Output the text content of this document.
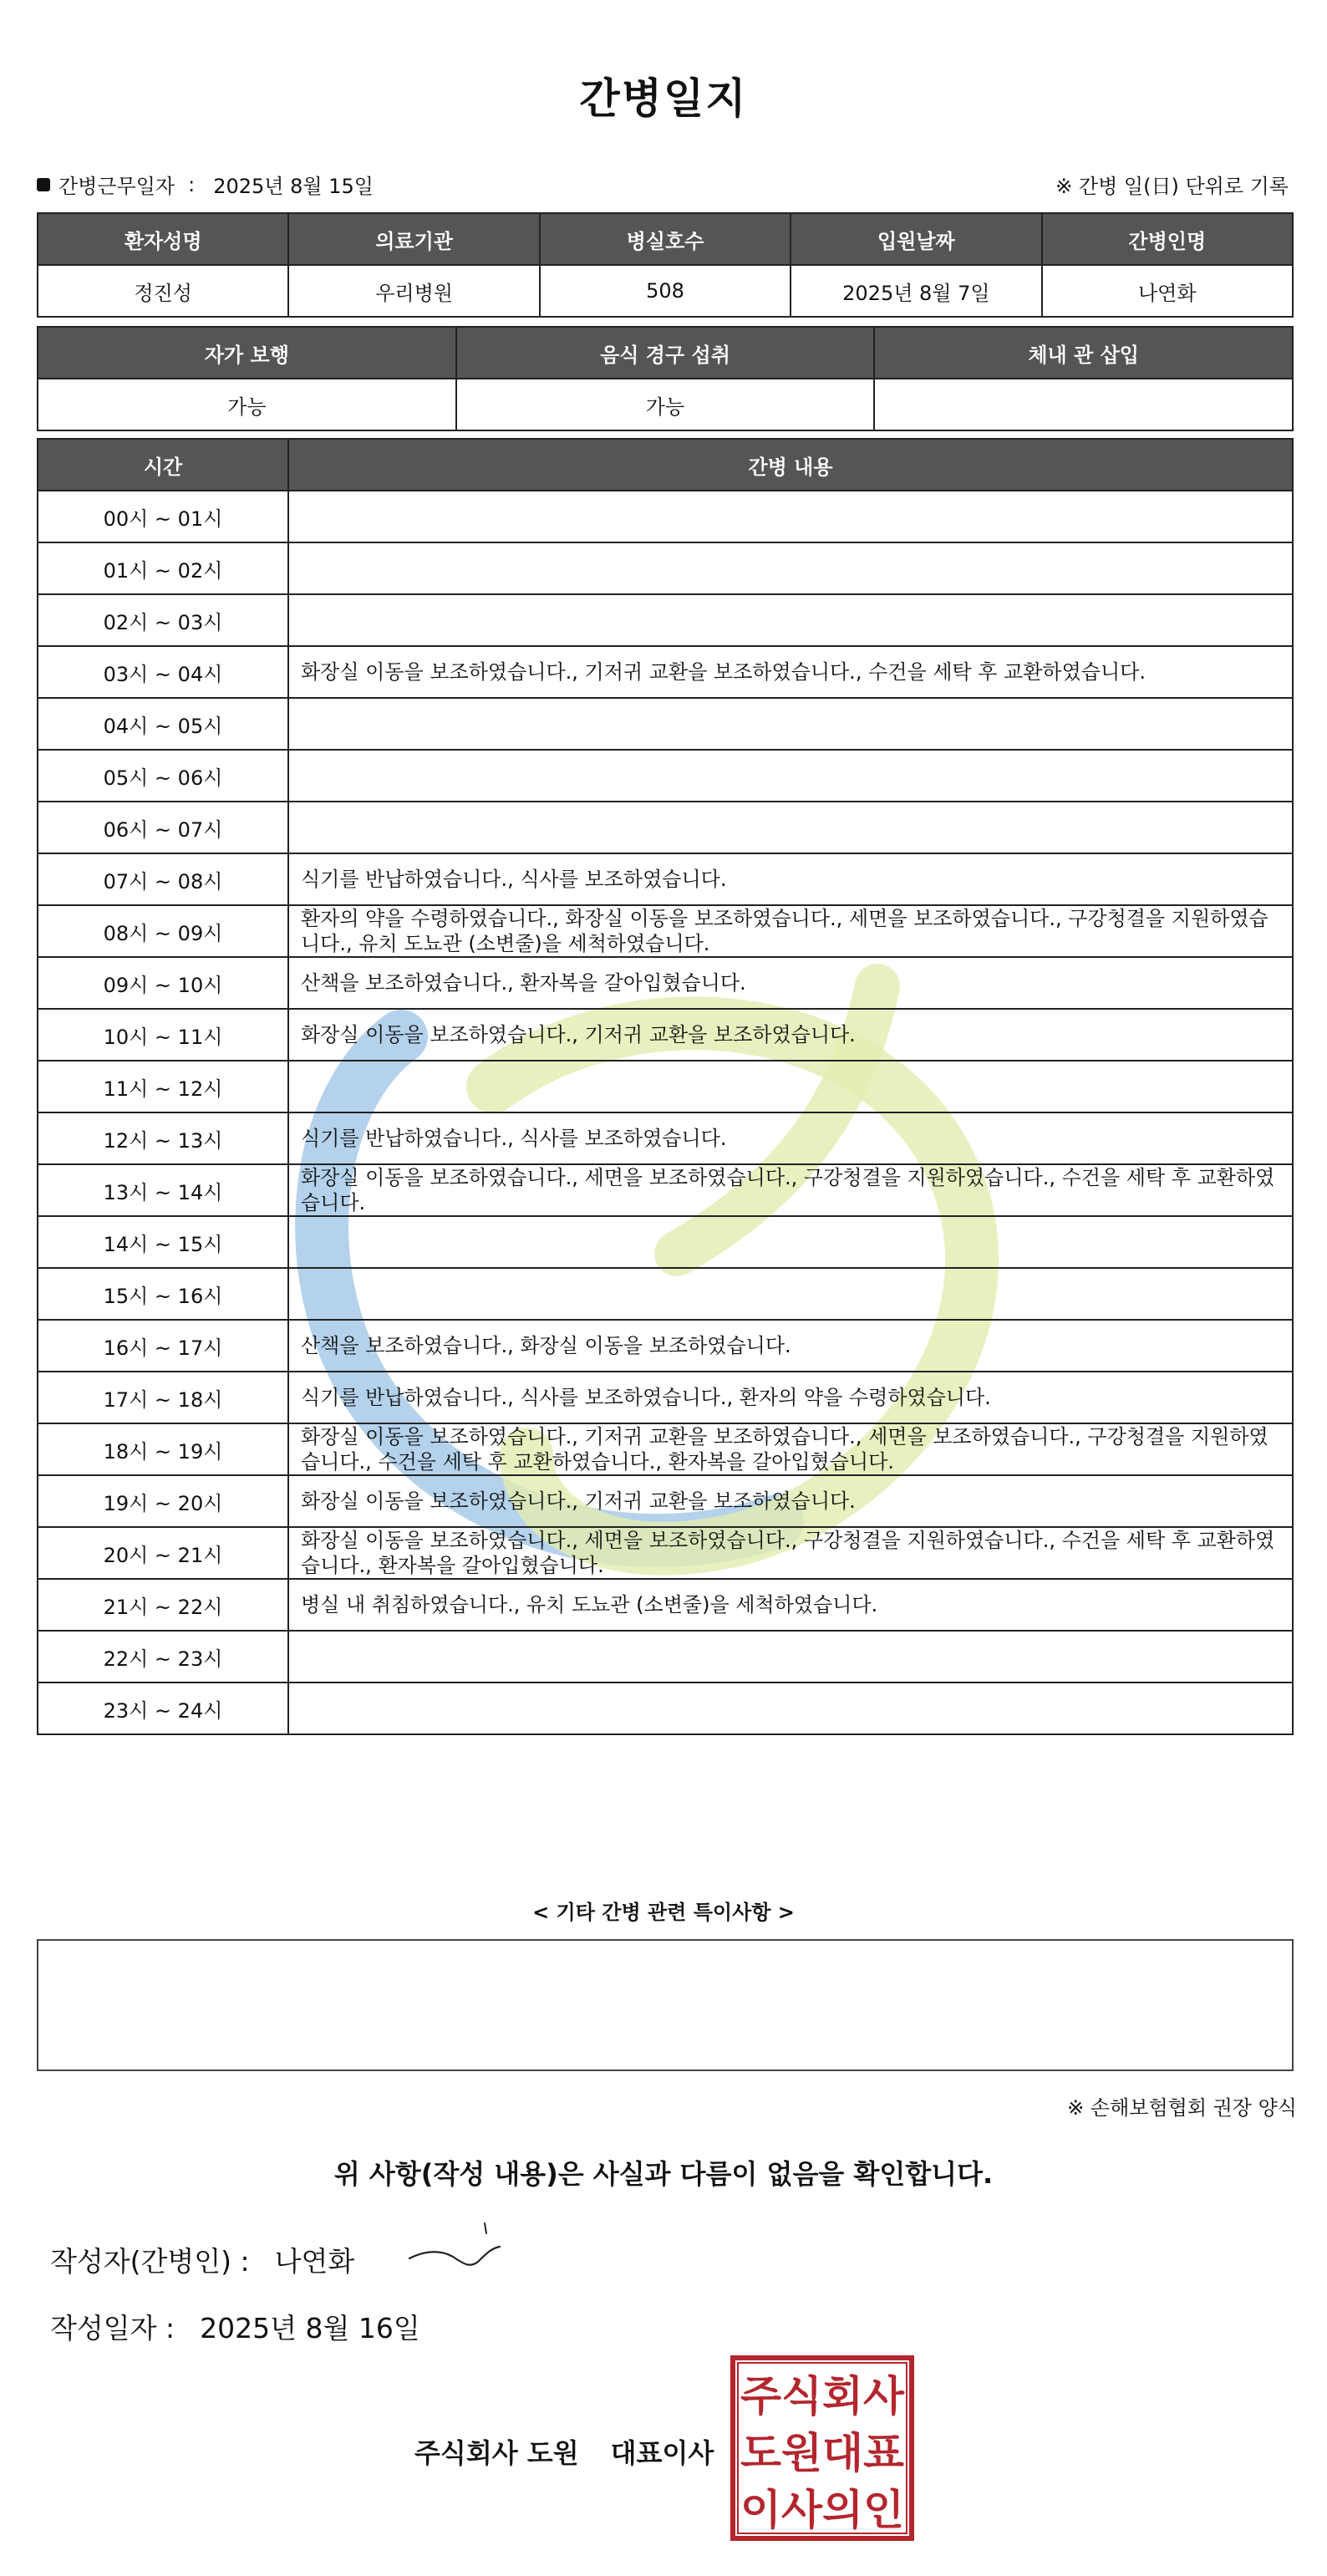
간병일지
간병근무일자 : 2025년 8월 15일	※ 간병 일(日) 단위로 기록
환자성명	의료기관	병실호수	입원날짜	간병인명
정진성	우리병원	508	2025년 8월 7일	나연화
자가 보행	음식 경구 섭취	체내 관 삽입
가능	가능	
시간	간병 내용
00시 ~ 01시	
01시 ~ 02시	
02시 ~ 03시	
03시 ~ 04시	화장실 이동을 보조하였습니다., 기저귀 교환을 보조하였습니다., 수건을 세탁 후 교환하였습니다.
04시 ~ 05시	
05시 ~ 06시	
06시 ~ 07시	
07시 ~ 08시	식기를 반납하였습니다., 식사를 보조하였습니다.
08시 ~ 09시	환자의 약을 수령하였습니다., 화장실 이동을 보조하였습니다., 세면을 보조하였습니다., 구강청결을 지원하였습니다., 유치 도뇨관 (소변줄)을 세척하였습니다.
09시 ~ 10시	산책을 보조하였습니다., 환자복을 갈아입혔습니다.
10시 ~ 11시	화장실 이동을 보조하였습니다., 기저귀 교환을 보조하였습니다.
11시 ~ 12시	
12시 ~ 13시	식기를 반납하였습니다., 식사를 보조하였습니다.
13시 ~ 14시	화장실 이동을 보조하였습니다., 세면을 보조하였습니다., 구강청결을 지원하였습니다., 수건을 세탁 후 교환하였습니다.
14시 ~ 15시	
15시 ~ 16시	
16시 ~ 17시	산책을 보조하였습니다., 화장실 이동을 보조하였습니다.
17시 ~ 18시	식기를 반납하였습니다., 식사를 보조하였습니다., 환자의 약을 수령하였습니다.
18시 ~ 19시	화장실 이동을 보조하였습니다., 기저귀 교환을 보조하였습니다., 세면을 보조하였습니다., 구강청결을 지원하였습니다., 수건을 세탁 후 교환하였습니다., 환자복을 갈아입혔습니다.
19시 ~ 20시	화장실 이동을 보조하였습니다., 기저귀 교환을 보조하였습니다.
20시 ~ 21시	화장실 이동을 보조하였습니다., 세면을 보조하였습니다., 구강청결을 지원하였습니다., 수건을 세탁 후 교환하였습니다., 환자복을 갈아입혔습니다.
21시 ~ 22시	병실 내 취침하였습니다., 유치 도뇨관 (소변줄)을 세척하였습니다.
22시 ~ 23시	
23시 ~ 24시	
< 기타 간병 관련 특이사항 >
※ 손해보험협회 권장 양식
위 사항(작성 내용)은 사실과 다름이 없음을 확인합니다.
작성자(간병인) : 나연화
작성일자 : 2025년 8월 16일
주식회사 도원 대표이사
주식회사
도원대표
이사의인
